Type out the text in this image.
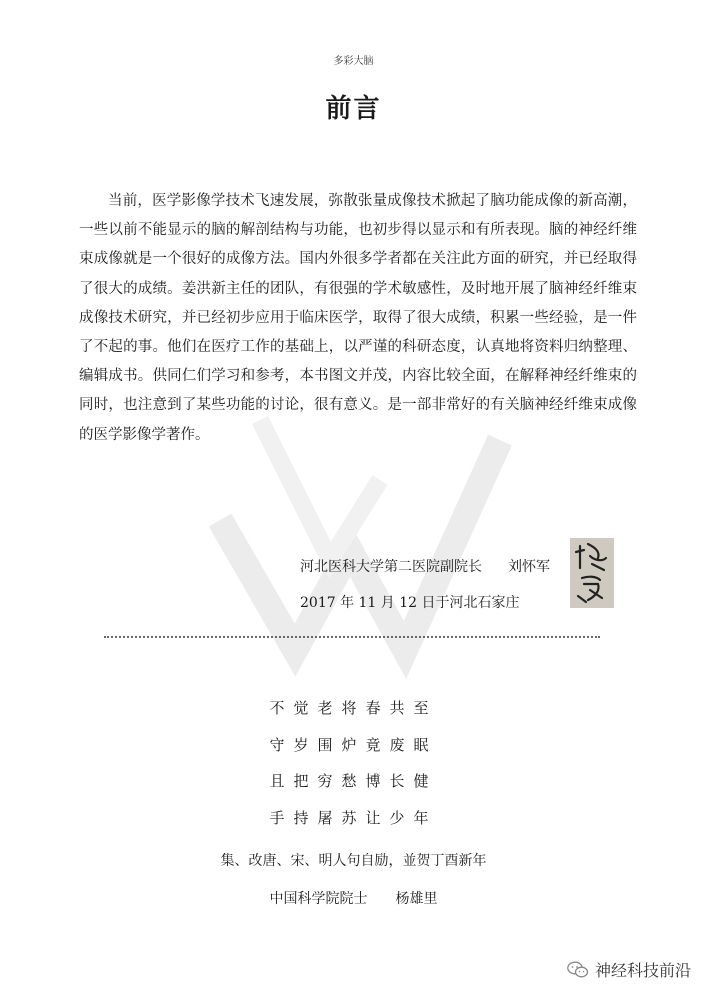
多彩大脑
前言

当前，医学影像学技术飞速发展，弥散张量成像技术掀起了脑功能成像的新高潮，一些以前不能显示的脑的解剖结构与功能，也初步得以显示和有所表现。脑的神经纤维束成像就是一个很好的成像方法。国内外很多学者都在关注此方面的研究，并已经取得了很大的成绩。姜洪新主任的团队，有很强的学术敏感性，及时地开展了脑神经纤维束成像技术研究，并已经初步应用于临床医学，取得了很大成绩，积累一些经验，是一件了不起的事。他们在医疗工作的基础上，以严谨的科研态度，认真地将资料归纳整理、编辑成书。供同仁们学习和参考，本书图文并茂，内容比较全面，在解释神经纤维束的同时，也注意到了某些功能的讨论，很有意义。是一部非常好的有关脑神经纤维束成像的医学影像学著作。

河北医科大学第二医院副院长 刘怀军
2017 年 11 月 12 日于河北石家庄
不觉老将春共至
守岁围炉竟废眠
且把穷愁博长健
手持屠苏让少年
集、改唐、宋、明人句自励，並贺丁酉新年
中国科学院院士 杨雄里
神经科技前沿
